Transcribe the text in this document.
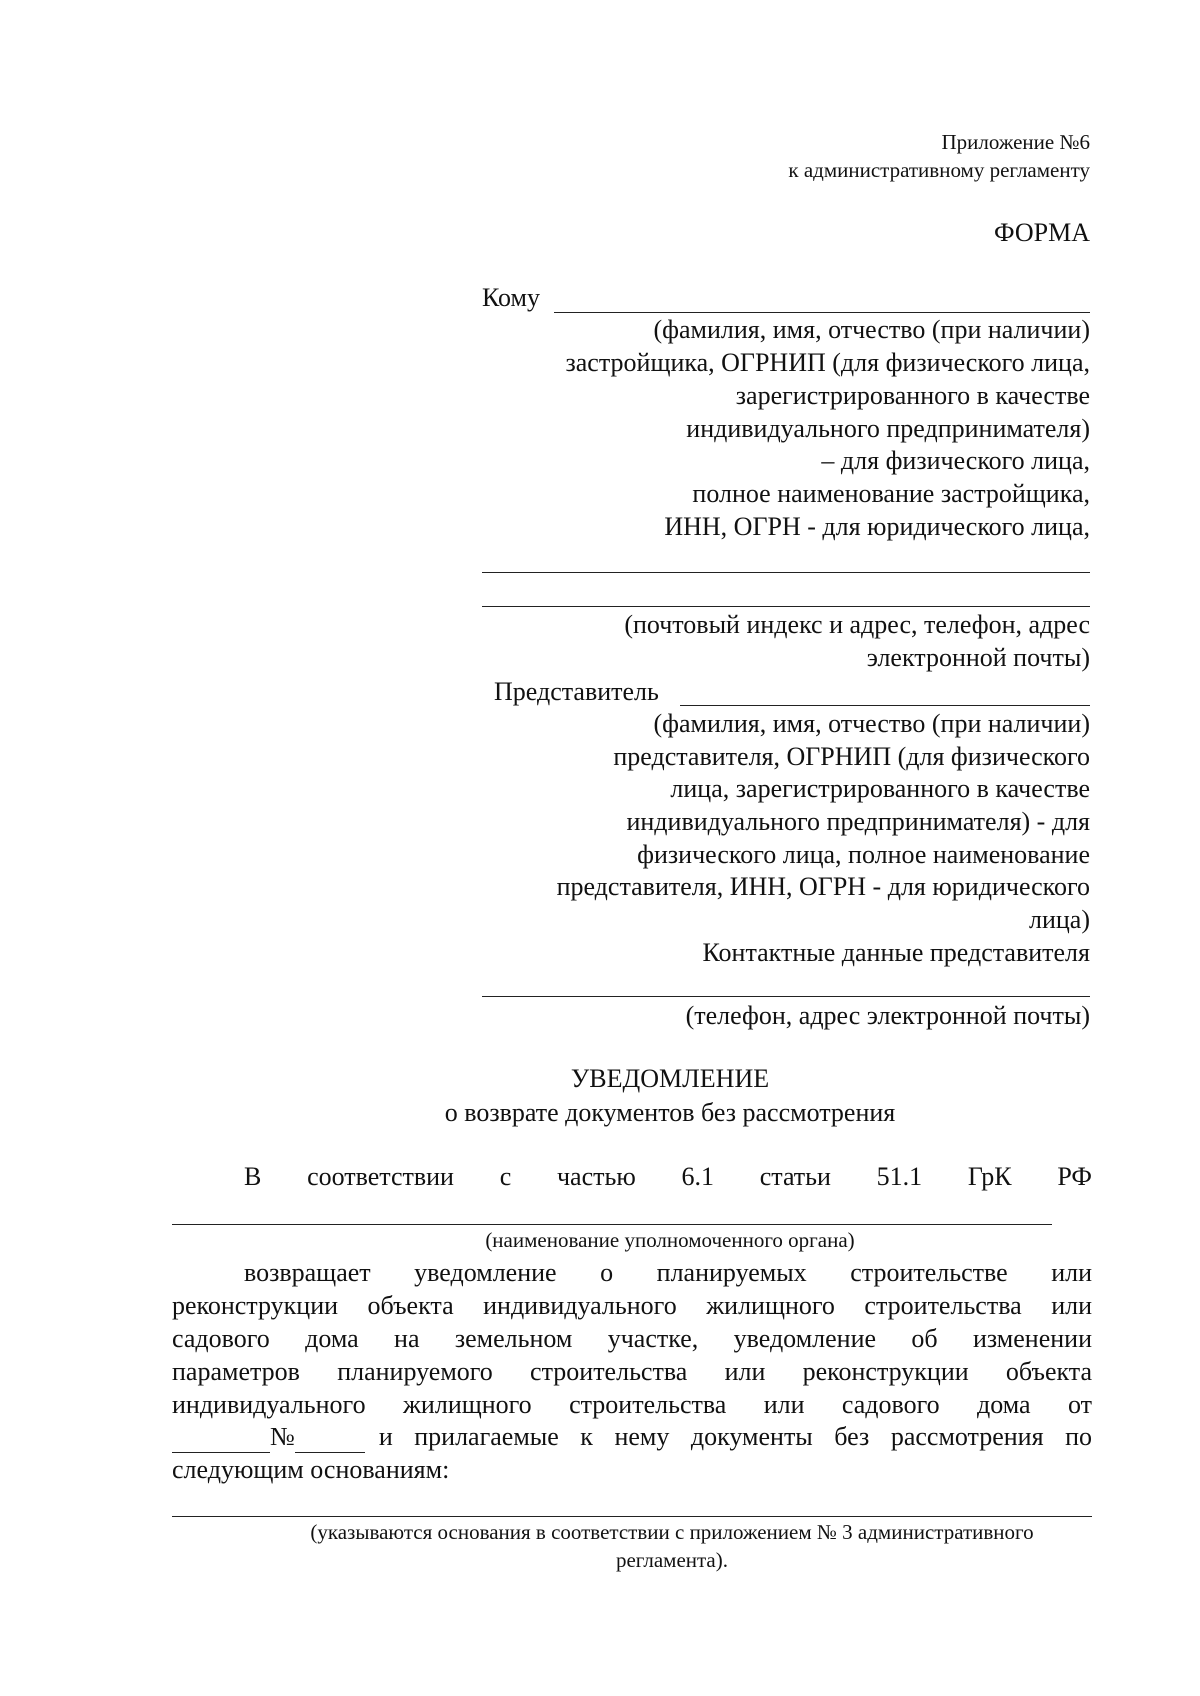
Приложение №6
к административному регламенту
ФОРМА
Кому
(фамилия, имя, отчество (при наличии)
застройщика, ОГРНИП (для физического лица,
зарегистрированного в качестве
индивидуального предпринимателя)
– для физического лица,
полное наименование застройщика,
ИНН, ОГРН - для юридического лица,
(почтовый индекс и адрес, телефон, адрес
электронной почты)
Представитель
(фамилия, имя, отчество (при наличии)
представителя, ОГРНИП (для физического
лица, зарегистрированного в качестве
индивидуального предпринимателя) - для
физического лица, полное наименование
представителя, ИНН, ОГРН - для юридического
лица)
Контактные данные представителя
(телефон, адрес электронной почты)
УВЕДОМЛЕНИЕ
о возврате документов без рассмотрения
В соответствии с частью 6.1 статьи 51.1 ГрК РФ
(наименование уполномоченного органа)
возвращает уведомление о планируемых строительстве или
реконструкции объекта индивидуального жилищного строительства или
садового дома на земельном участке, уведомление об изменении
параметров планируемого строительства или реконструкции объекта
индивидуального жилищного строительства или садового дома от
№	и прилагаемые к нему документы без рассмотрения по
следующим основаниям:
(указываются основания в соответствии с приложением № 3 административного
регламента).
